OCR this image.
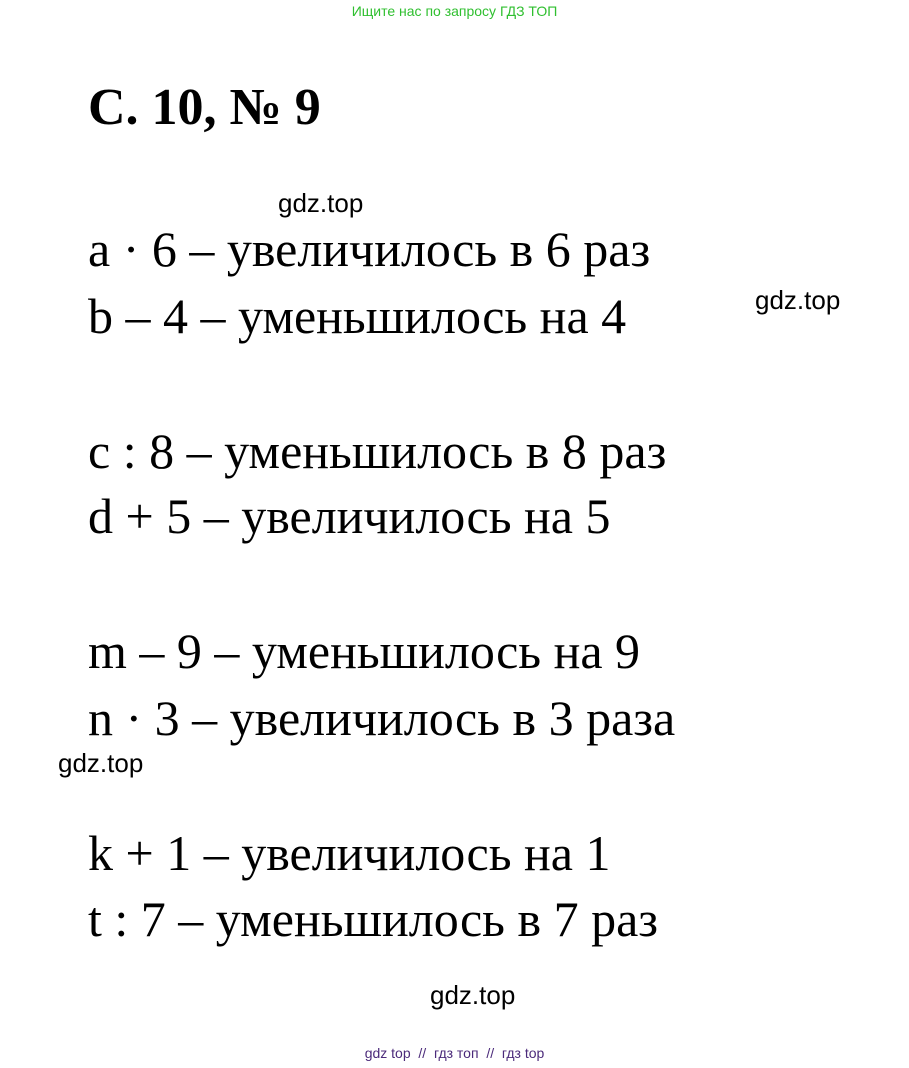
Ищите нас по запросу ГДЗ ТОП
С. 10, № 9
gdz.top
a · 6 – увеличилось в 6 раз
b – 4 – уменьшилось на 4	gdz.top
c : 8 – уменьшилось в 8 раз
d + 5 – увеличилось на 5
m – 9 – уменьшилось на 9
n · 3 – увеличилось в 3 раза
gdz.top
k + 1 – увеличилось на 1
t : 7 – уменьшилось в 7 раз
gdz.top
gdz top  //  гдз топ  //  гдз top
